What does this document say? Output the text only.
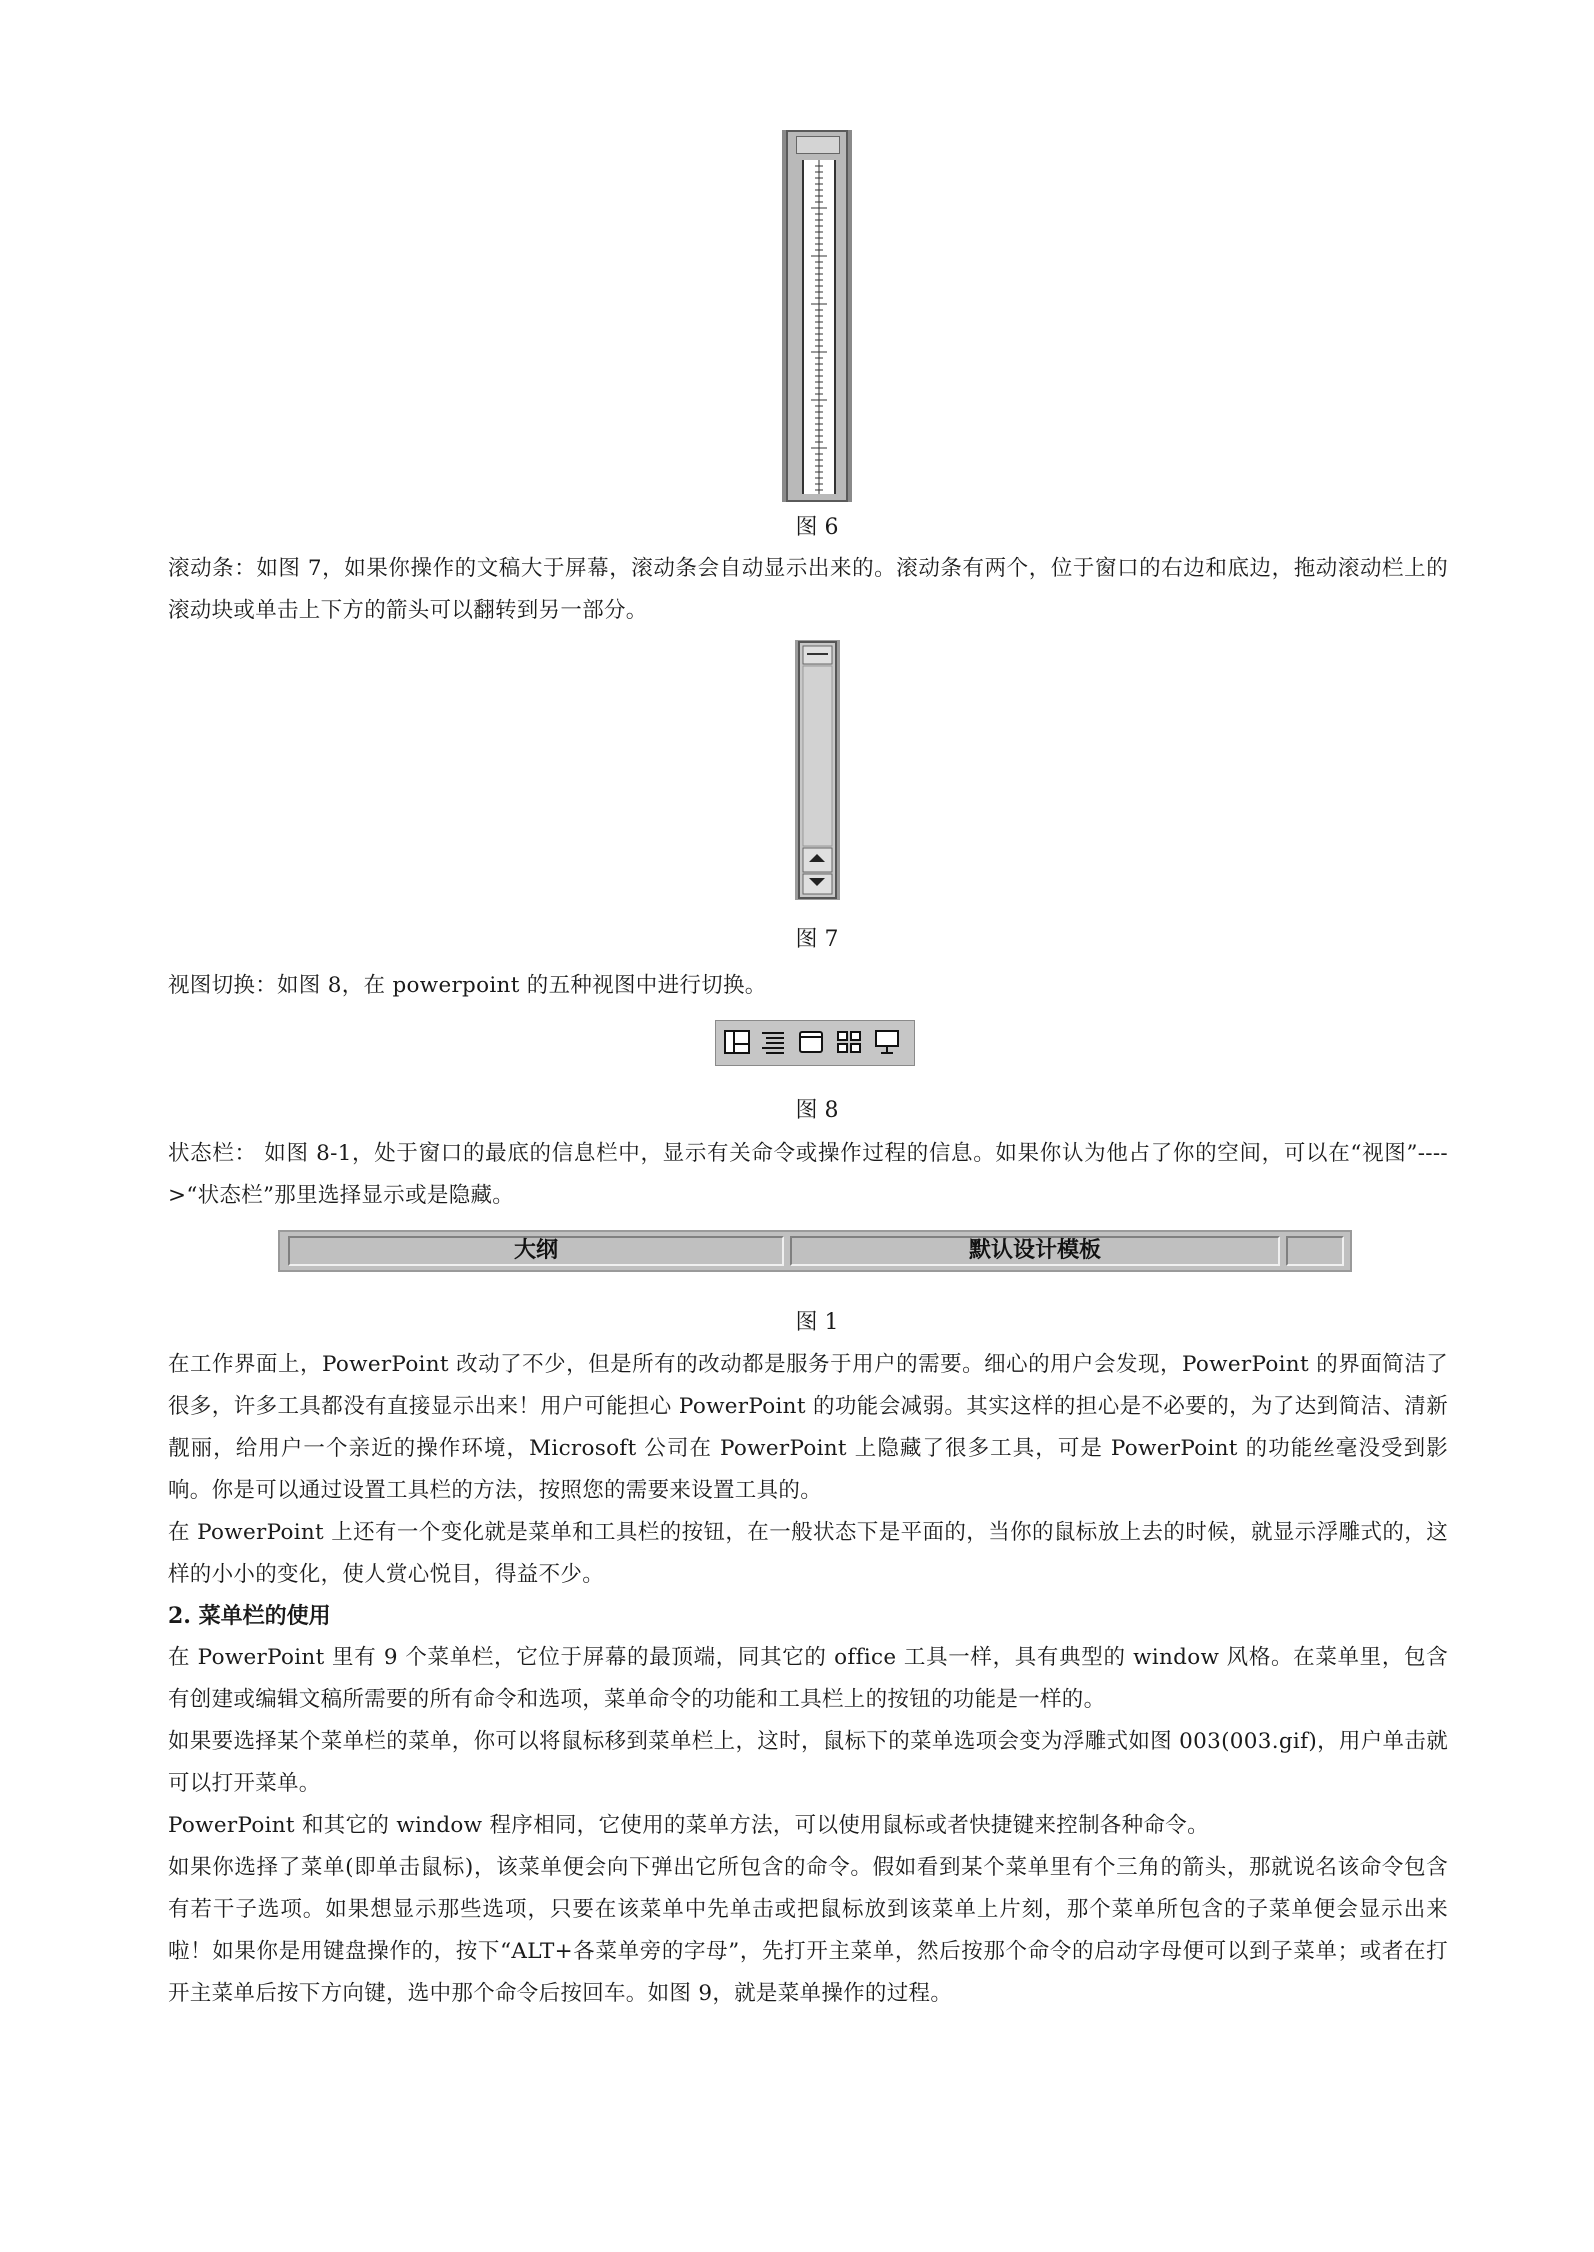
图 6
滚动条：如图 7，如果你操作的文稿大于屏幕，滚动条会自动显示出来的。滚动条有两个，位于窗口的右边和底边，拖动滚动栏上的滚动块或单击上下方的箭头可以翻转到另一部分。
图 7
视图切换：如图 8，在 powerpoint 的五种视图中进行切换。
图 8
状态栏： 如图 8-1，处于窗口的最底的信息栏中，显示有关命令或操作过程的信息。如果你认为他占了你的空间，可以在“视图”---->“状态栏”那里选择显示或是隐藏。
大纲	默认设计模板
图 1
在工作界面上，PowerPoint 改动了不少，但是所有的改动都是服务于用户的需要。细心的用户会发现，PowerPoint 的界面简洁了很多，许多工具都没有直接显示出来！用户可能担心 PowerPoint 的功能会减弱。其实这样的担心是不必要的，为了达到简洁、清新靓丽，给用户一个亲近的操作环境，Microsoft 公司在 PowerPoint 上隐藏了很多工具，可是 PowerPoint 的功能丝毫没受到影响。你是可以通过设置工具栏的方法，按照您的需要来设置工具的。
在 PowerPoint 上还有一个变化就是菜单和工具栏的按钮，在一般状态下是平面的，当你的鼠标放上去的时候，就显示浮雕式的，这样的小小的变化，使人赏心悦目，得益不少。
2. 菜单栏的使用
在 PowerPoint 里有 9 个菜单栏，它位于屏幕的最顶端，同其它的 office 工具一样，具有典型的 window 风格。在菜单里，包含有创建或编辑文稿所需要的所有命令和选项，菜单命令的功能和工具栏上的按钮的功能是一样的。
如果要选择某个菜单栏的菜单，你可以将鼠标移到菜单栏上，这时，鼠标下的菜单选项会变为浮雕式如图 003(003.gif)，用户单击就可以打开菜单。
PowerPoint 和其它的 window 程序相同，它使用的菜单方法，可以使用鼠标或者快捷键来控制各种命令。
如果你选择了菜单(即单击鼠标)，该菜单便会向下弹出它所包含的命令。假如看到某个菜单里有个三角的箭头，那就说名该命令包含有若干子选项。如果想显示那些选项，只要在该菜单中先单击或把鼠标放到该菜单上片刻，那个菜单所包含的子菜单便会显示出来啦！如果你是用键盘操作的，按下“ALT+各菜单旁的字母”，先打开主菜单，然后按那个命令的启动字母便可以到子菜单；或者在打开主菜单后按下方向键，选中那个命令后按回车。如图 9，就是菜单操作的过程。
